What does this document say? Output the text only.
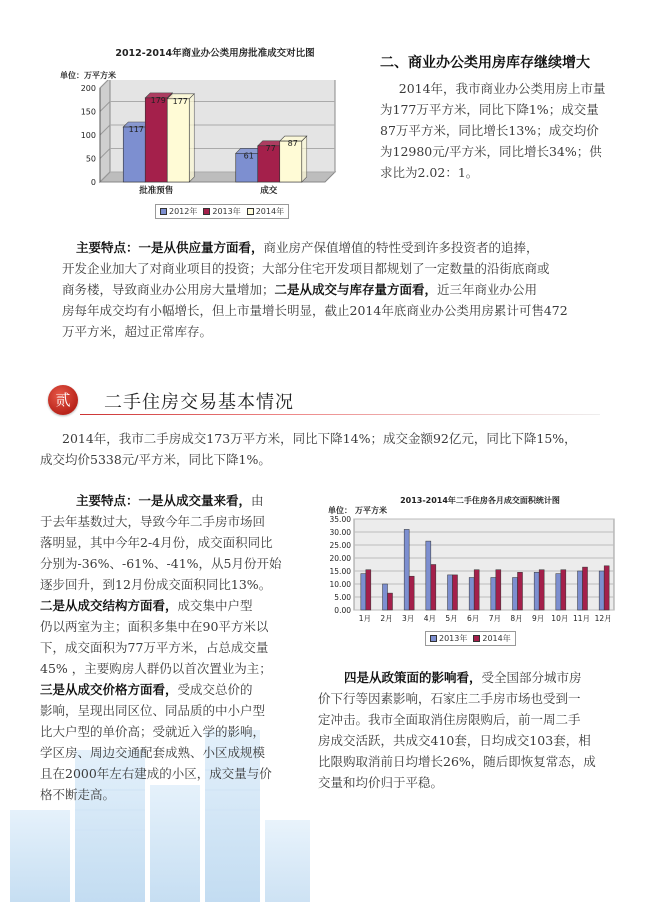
2012-2014年商业办公类用房批准成交对比图
单位：万平方米
0
50
100
150
200
117
179 177
批准预售
61
77
87
成交
2012年	2013年	2014年
二、商业办公类用房库存继续增大
2014年，我市商业办公类用房上市量
为177万平方米，同比下降1%；成交量
87万平方米，同比增长13%；成交均价
为12980元/平方米，同比增长34%；供
求比为2.02：1。
主要特点：一是从供应量方面看，商业房产保值增值的特性受到许多投资者的追捧，
开发企业加大了对商业项目的投资；大部分住宅开发项目都规划了一定数量的沿街底商或
商务楼，导致商业办公用房大量增加；二是从成交与库存量方面看，近三年商业办公用
房每年成交均有小幅增长，但上市量增长明显，截止2014年底商业办公类用房累计可售472
万平方米，超过正常库存。
贰	二手住房交易基本情况
2014年，我市二手房成交173万平方米，同比下降14%；成交金额92亿元，同比下降15%，
成交均价5338元/平方米，同比下降1%。
主要特点：一是从成交量来看，由
于去年基数过大，导致今年二手房市场回
落明显，其中今年2-4月份，成交面积同比
分别为-36%、-61%、-41%，从5月份开始
逐步回升，到12月份成交面积同比13%。
二是从成交结构方面看，成交集中户型
仍以两室为主；面积多集中在90平方米以
下，成交面积为77万平方米，占总成交量
45% ，主要购房人群仍以首次置业为主；
三是从成交价格方面看，受成交总价的
影响，呈现出同区位、同品质的中小户型
比大户型的单价高；受就近入学的影响，
学区房、周边交通配套成熟、小区成规模
且在2000年左右建成的小区，成交量与价
格不断走高。
2013-2014年二手住房各月成交面积统计图
单位： 万平方米
0.00
5.00
10.00
15.00
20.00
25.00
30.00
35.00
1月 2月 3月 4月 5月 6月 7月 8月 9月 10月 11月 12月
2013年	2014年
四是从政策面的影响看，受全国部分城市房
价下行等因素影响，石家庄二手房市场也受到一
定冲击。我市全面取消住房限购后，前一周二手
房成交活跃，共成交410套，日均成交103套，相
比限购取消前日均增长26%，随后即恢复常态，成
交量和均价归于平稳。
